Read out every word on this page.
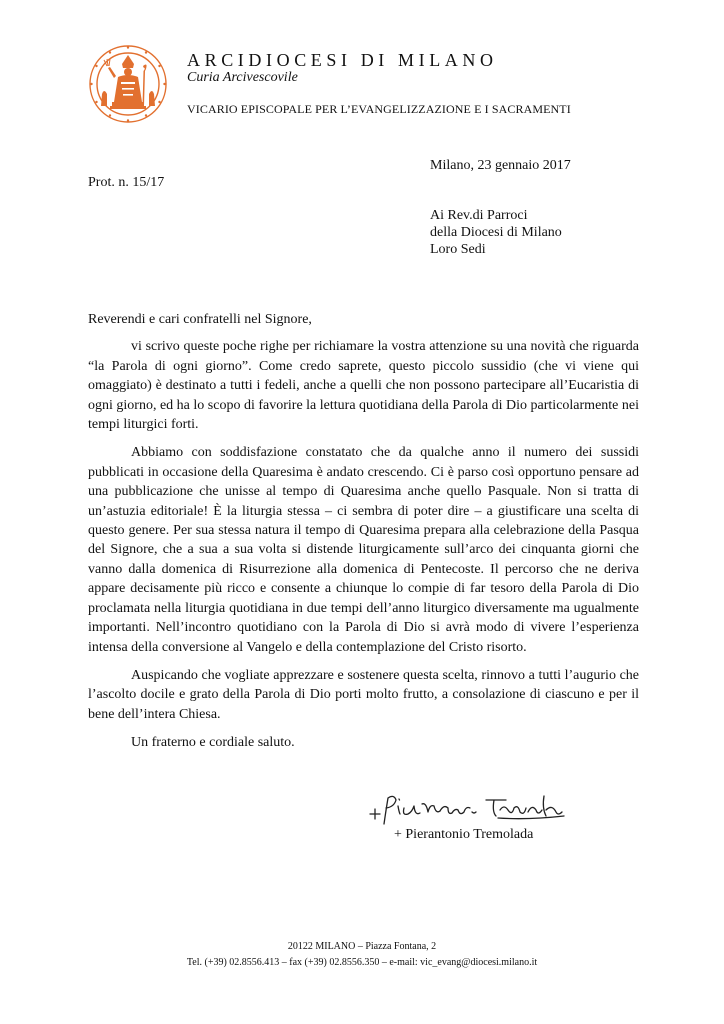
ARCIDIOCESI DI MILANO
Curia Arcivescovile
VICARIO EPISCOPALE PER L’EVANGELIZZAZIONE E I SACRAMENTI
Milano, 23 gennaio 2017
Prot. n. 15/17
Ai Rev.di Parroci
della Diocesi di Milano
Loro Sedi

Reverendi e cari confratelli nel Signore,

vi scrivo queste poche righe per richiamare la vostra attenzione su una novità che riguarda “la Parola di ogni giorno”. Come credo saprete, questo piccolo sussidio (che vi viene qui omaggiato) è destinato a tutti i fedeli, anche a quelli che non possono partecipare all’Eucaristia di ogni giorno, ed ha lo scopo di favorire la lettura quotidiana della Parola di Dio particolarmente nei tempi liturgici forti.

Abbiamo con soddisfazione constatato che da qualche anno il numero dei sussidi pubblicati in occasione della Quaresima è andato crescendo. Ci è parso così opportuno pensare ad una pubblicazione che unisse al tempo di Quaresima anche quello Pasquale. Non si tratta di un’astuzia editoriale! È la liturgia stessa – ci sembra di poter dire – a giustificare una scelta di questo genere. Per sua stessa natura il tempo di Quaresima prepara alla celebrazione della Pasqua del Signore, che a sua a sua volta si distende liturgicamente sull’arco dei cinquanta giorni che vanno dalla domenica di Risurrezione alla domenica di Pentecoste. Il percorso che ne deriva appare decisamente più ricco e consente a chiunque lo compie di far tesoro della Parola di Dio proclamata nella liturgia quotidiana in due tempi dell’anno liturgico diversamente ma ugualmente importanti. Nell’incontro quotidiano con la Parola di Dio si avrà modo di vivere l’esperienza intensa della conversione al Vangelo e della contemplazione del Cristo risorto.

Auspicando che vogliate apprezzare e sostenere questa scelta, rinnovo a tutti l’augurio che l’ascolto docile e grato della Parola di Dio porti molto frutto, a consolazione di ciascuno e per il bene dell’intera Chiesa.

Un fraterno e cordiale saluto.

+ Pierantonio Tremolada
20122 MILANO – Piazza Fontana, 2
Tel. (+39) 02.8556.413 – fax (+39) 02.8556.350 – e-mail: vic_evang@diocesi.milano.it
